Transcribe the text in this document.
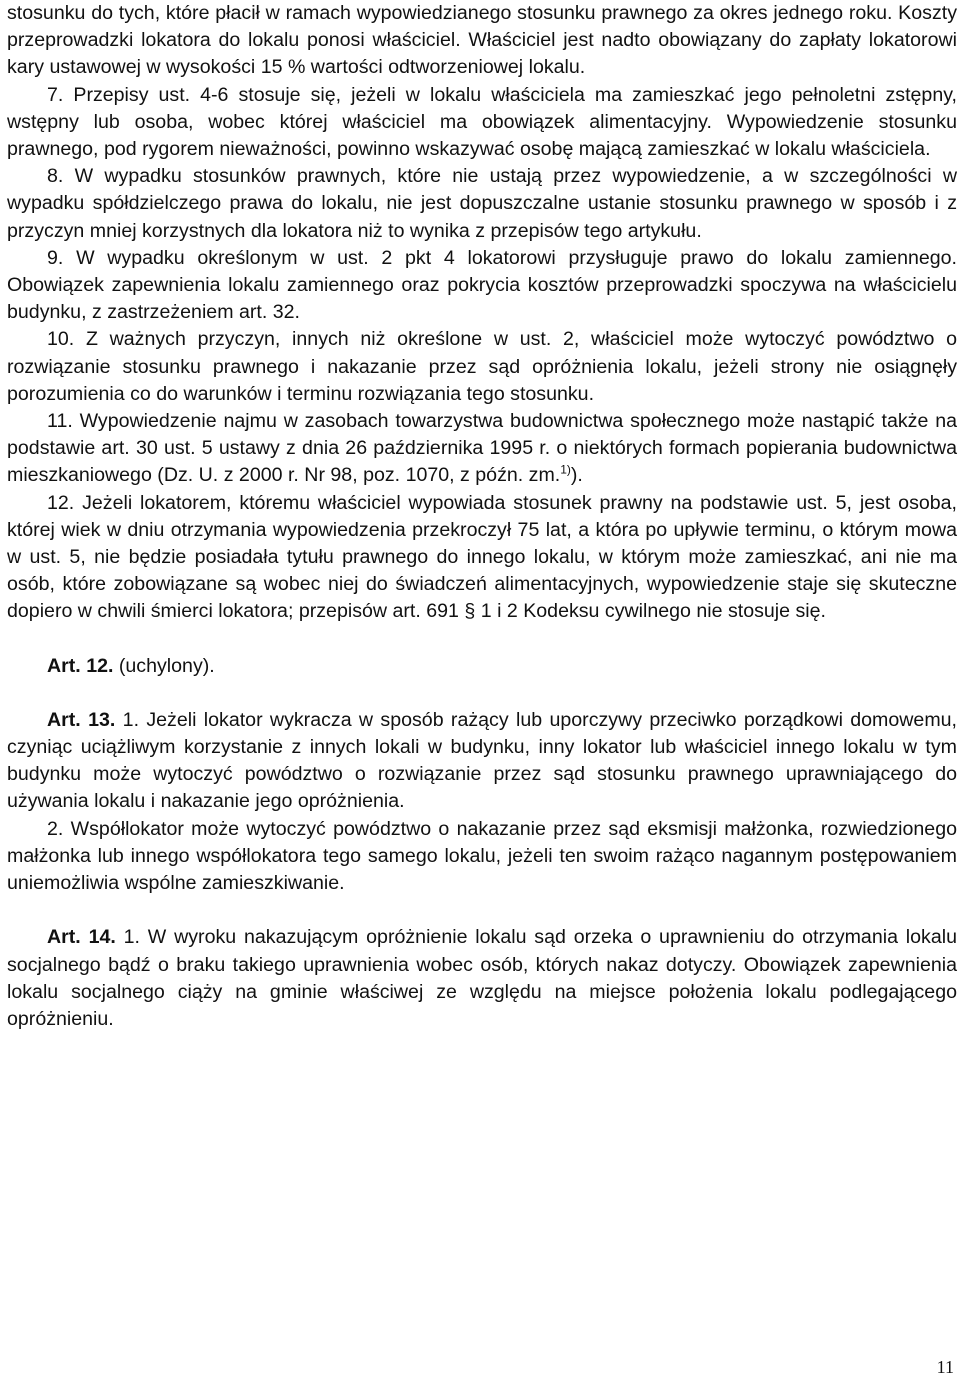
stosunku do tych, które płacił w ramach wypowiedzianego stosunku prawnego za okres jednego roku. Koszty przeprowadzki lokatora do lokalu ponosi właściciel. Właściciel jest nadto obowiązany do zapłaty lokatorowi kary ustawowej w wysokości 15 % wartości odtworzeniowej lokalu.

7. Przepisy ust. 4-6 stosuje się, jeżeli w lokalu właściciela ma zamieszkać jego pełnoletni zstępny, wstępny lub osoba, wobec której właściciel ma obowiązek alimentacyjny. Wypowiedzenie stosunku prawnego, pod rygorem nieważności, powinno wskazywać osobę mającą zamieszkać w lokalu właściciela.

8. W wypadku stosunków prawnych, które nie ustają przez wypowiedzenie, a w szczególności w wypadku spółdzielczego prawa do lokalu, nie jest dopuszczalne ustanie stosunku prawnego w sposób i z przyczyn mniej korzystnych dla lokatora niż to wynika z przepisów tego artykułu.

9. W wypadku określonym w ust. 2 pkt 4 lokatorowi przysługuje prawo do lokalu zamiennego. Obowiązek zapewnienia lokalu zamiennego oraz pokrycia kosztów przeprowadzki spoczywa na właścicielu budynku, z zastrzeżeniem art. 32.

10. Z ważnych przyczyn, innych niż określone w ust. 2, właściciel może wytoczyć powództwo o rozwiązanie stosunku prawnego i nakazanie przez sąd opróżnienia lokalu, jeżeli strony nie osiągnęły porozumienia co do warunków i terminu rozwiązania tego stosunku.

11. Wypowiedzenie najmu w zasobach towarzystwa budownictwa społecznego może nastąpić także na podstawie art. 30 ust. 5 ustawy z dnia 26 października 1995 r. o niektórych formach popierania budownictwa mieszkaniowego (Dz. U. z 2000 r. Nr 98, poz. 1070, z późn. zm.$^{1)}$).

12. Jeżeli lokatorem, któremu właściciel wypowiada stosunek prawny na podstawie ust. 5, jest osoba, której wiek w dniu otrzymania wypowiedzenia przekroczył 75 lat, a która po upływie terminu, o którym mowa w ust. 5, nie będzie posiadała tytułu prawnego do innego lokalu, w którym może zamieszkać, ani nie ma osób, które zobowiązane są wobec niej do świadczeń alimentacyjnych, wypowiedzenie staje się skuteczne dopiero w chwili śmierci lokatora; przepisów art. 691 § 1 i 2 Kodeksu cywilnego nie stosuje się.

Art. 12. (uchylony).

Art. 13. 1. Jeżeli lokator wykracza w sposób rażący lub uporczywy przeciwko porządkowi domowemu, czyniąc uciążliwym korzystanie z innych lokali w budynku, inny lokator lub właściciel innego lokalu w tym budynku może wytoczyć powództwo o rozwiązanie przez sąd stosunku prawnego uprawniającego do używania lokalu i nakazanie jego opróżnienia.

2. Współlokator może wytoczyć powództwo o nakazanie przez sąd eksmisji małżonka, rozwiedzionego małżonka lub innego współlokatora tego samego lokalu, jeżeli ten swoim rażąco nagannym postępowaniem uniemożliwia wspólne zamieszkiwanie.

Art. 14. 1. W wyroku nakazującym opróżnienie lokalu sąd orzeka o uprawnieniu do otrzymania lokalu socjalnego bądź o braku takiego uprawnienia wobec osób, których nakaz dotyczy. Obowiązek zapewnienia lokalu socjalnego ciąży na gminie właściwej ze względu na miejsce położenia lokalu podlegającego opróżnieniu.

11
